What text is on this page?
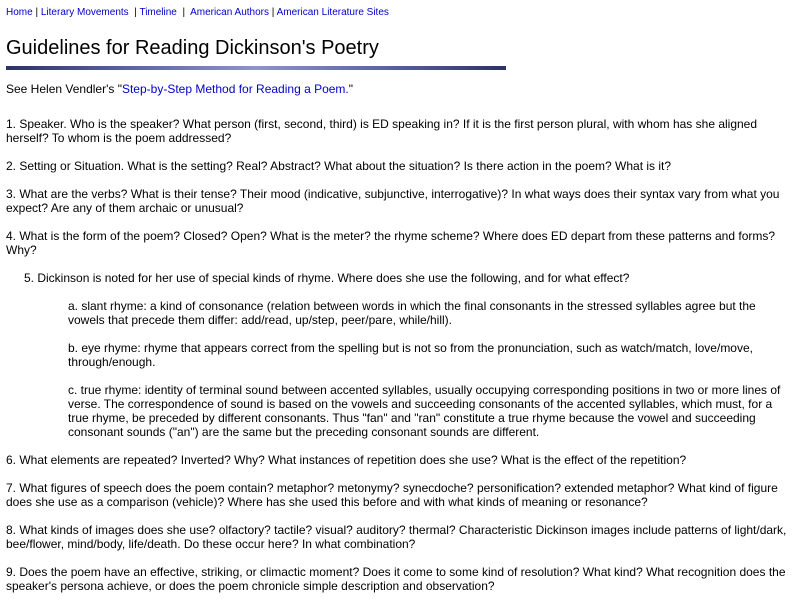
Home | Literary Movements | Timeline | American Authors | American Literature Sites
Guidelines for Reading Dickinson's Poetry

See Helen Vendler's "Step-by-Step Method for Reading a Poem."

1. Speaker. Who is the speaker? What person (first, second, third) is ED speaking in? If it is the first person plural, with whom has she aligned herself? To whom is the poem addressed?

2. Setting or Situation. What is the setting? Real? Abstract? What about the situation? Is there action in the poem? What is it?

3. What are the verbs? What is their tense? Their mood (indicative, subjunctive, interrogative)? In what ways does their syntax vary from what you expect? Are any of them archaic or unusual?

4. What is the form of the poem? Closed? Open? What is the meter? the rhyme scheme? Where does ED depart from these patterns and forms? Why?

5. Dickinson is noted for her use of special kinds of rhyme. Where does she use the following, and for what effect?

a. slant rhyme: a kind of consonance (relation between words in which the final consonants in the stressed syllables agree but the vowels that precede them differ: add/read, up/step, peer/pare, while/hill).

b. eye rhyme: rhyme that appears correct from the spelling but is not so from the pronunciation, such as watch/match, love/move, through/enough.

c. true rhyme: identity of terminal sound between accented syllables, usually occupying corresponding positions in two or more lines of verse. The correspondence of sound is based on the vowels and succeeding consonants of the accented syllables, which must, for a true rhyme, be preceded by different consonants. Thus "fan" and "ran" constitute a true rhyme because the vowel and succeeding consonant sounds ("an") are the same but the preceding consonant sounds are different.

6. What elements are repeated? Inverted? Why? What instances of repetition does she use? What is the effect of the repetition?

7. What figures of speech does the poem contain? metaphor? metonymy? synecdoche? personification? extended metaphor? What kind of figure does she use as a comparison (vehicle)? Where has she used this before and with what kinds of meaning or resonance?

8. What kinds of images does she use? olfactory? tactile? visual? auditory? thermal? Characteristic Dickinson images include patterns of light/dark, bee/flower, mind/body, life/death. Do these occur here? In what combination?

9. Does the poem have an effective, striking, or climactic moment? Does it come to some kind of resolution? What kind? What recognition does the speaker's persona achieve, or does the poem chronicle simple description and observation?
